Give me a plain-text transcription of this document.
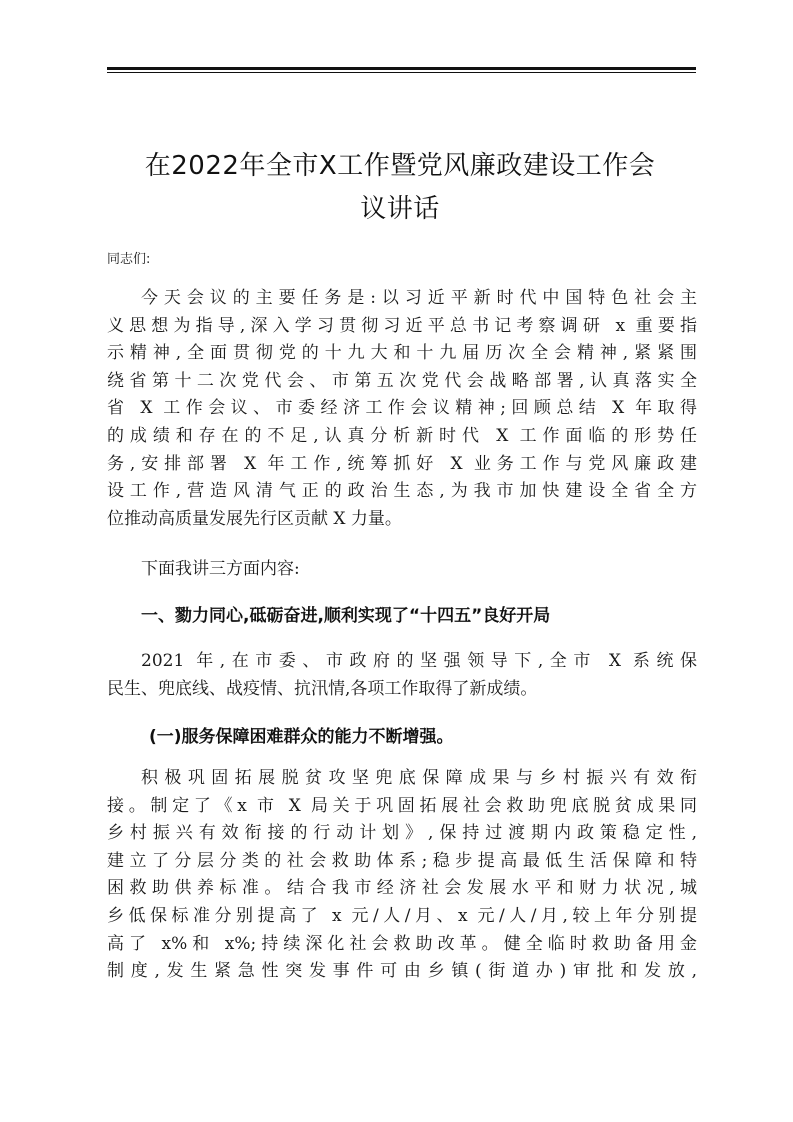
在2022年全市X工作暨党风廉政建设工作会
议讲话
同志们:
今天会议的主要任务是:以习近平新时代中国特色社会主
义思想为指导,深入学习贯彻习近平总书记考察调研 x 重要指
示精神,全面贯彻党的十九大和十九届历次全会精神,紧紧围
绕省第十二次党代会、市第五次党代会战略部署,认真落实全
省 X 工作会议、市委经济工作会议精神;回顾总结 X 年取得
的成绩和存在的不足,认真分析新时代 X 工作面临的形势任
务,安排部署 X 年工作,统筹抓好 X 业务工作与党风廉政建
设工作,营造风清气正的政治生态,为我市加快建设全省全方
位推动高质量发展先行区贡献 X 力量。
下面我讲三方面内容:
一、勠力同心,砥砺奋进,顺利实现了“十四五”良好开局
2021 年,在市委、市政府的坚强领导下,全市 X 系统保
民生、兜底线、战疫情、抗汛情,各项工作取得了新成绩。
(一)服务保障困难群众的能力不断增强。
积极巩固拓展脱贫攻坚兜底保障成果与乡村振兴有效衔
接。制定了《x 市 X 局关于巩固拓展社会救助兜底脱贫成果同
乡村振兴有效衔接的行动计划》,保持过渡期内政策稳定性,
建立了分层分类的社会救助体系;稳步提高最低生活保障和特
困救助供养标准。结合我市经济社会发展水平和财力状况,城
乡低保标准分别提高了 x 元/人/月、x 元/人/月,较上年分别提
高了 x%和 x%;持续深化社会救助改革。健全临时救助备用金
制度,发生紧急性突发事件可由乡镇(街道办)审批和发放,
